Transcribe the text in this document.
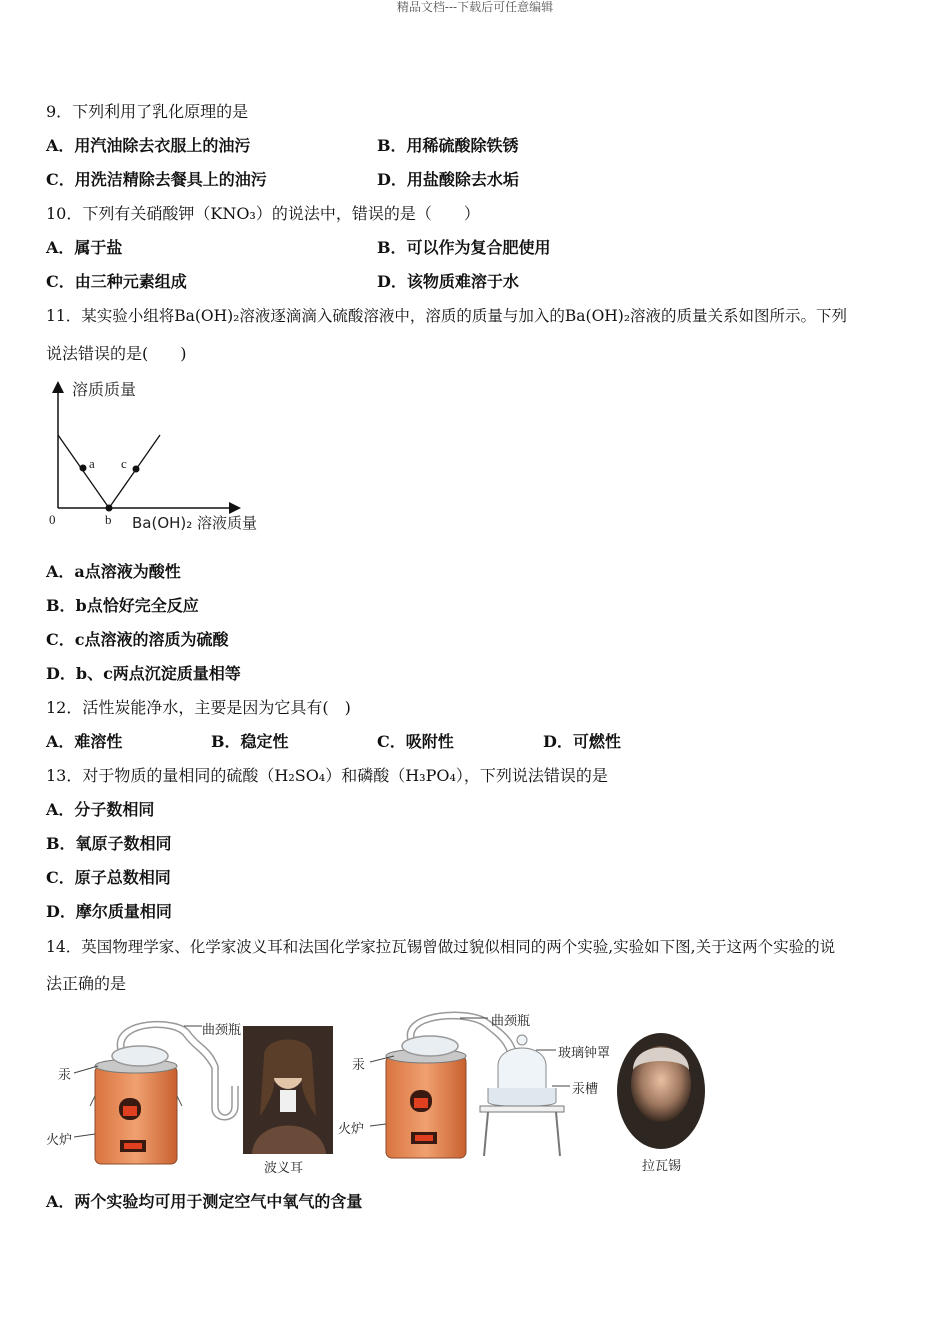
精品文档---下载后可任意编辑
9．下列利用了乳化原理的是
A．用汽油除去衣服上的油污	B．用稀硫酸除铁锈
C．用洗洁精除去餐具上的油污	D．用盐酸除去水垢
10．下列有关硝酸钾（KNO₃）的说法中，错误的是（　　）
A．属于盐	B．可以作为复合肥使用
C．由三种元素组成	D．该物质难溶于水
11．某实验小组将Ba(OH)₂溶液逐滴滴入硫酸溶液中，溶质的质量与加入的Ba(OH)₂溶液的质量关系如图所示。下列
说法错误的是(　　)
溶质质量
a c
0	b Ba(OH)₂ 溶液质量
A．a点溶液为酸性
B．b点恰好完全反应
C．c点溶液的溶质为硫酸
D．b、c两点沉淀质量相等
12．活性炭能净水，主要是因为它具有(　)
A．难溶性	B．稳定性	C．吸附性	D．可燃性
13．对于物质的量相同的硫酸（H₂SO₄）和磷酸（H₃PO₄），下列说法错误的是
A．分子数相同
B．氧原子数相同
C．原子总数相同
D．摩尔质量相同
14．英国物理学家、化学家波义耳和法国化学家拉瓦锡曾做过貌似相同的两个实验,实验如下图,关于这两个实验的说
法正确的是
曲颈瓶
汞
火炉
波义耳
曲颈瓶
玻璃钟罩
汞
汞槽
火炉
拉瓦锡
A．两个实验均可用于测定空气中氧气的含量
